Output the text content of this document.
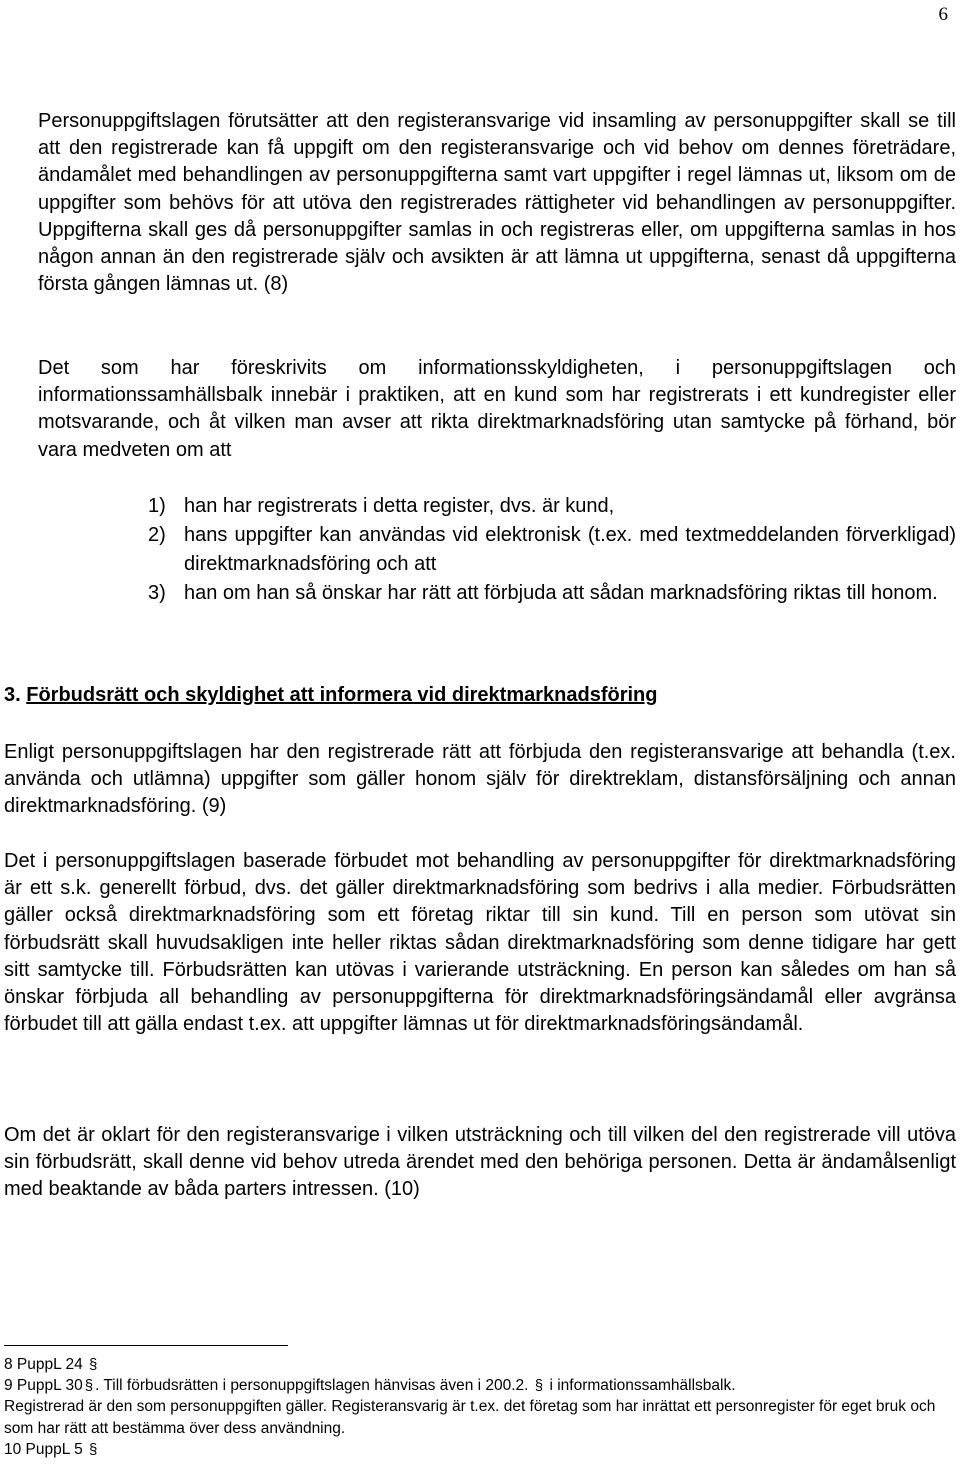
6

Personuppgiftslagen förutsätter att den registeransvarige vid insamling av personuppgifter skall se till att den registrerade kan få uppgift om den registeransvarige och vid behov om dennes företrädare, ändamålet med behandlingen av personuppgifterna samt vart uppgifter i regel lämnas ut, liksom om de uppgifter som behövs för att utöva den registrerades rättigheter vid behandlingen av personuppgifter. Uppgifterna skall ges då personuppgifter samlas in och registreras eller, om uppgifterna samlas in hos någon annan än den registrerade själv och avsikten är att lämna ut uppgifterna, senast då uppgifterna första gången lämnas ut. (8)

Det som har föreskrivits om informationsskyldigheten, i personuppgiftslagen och informationssamhällsbalk innebär i praktiken, att en kund som har registrerats i ett kundregister eller motsvarande, och åt vilken man avser att rikta direktmarknadsföring utan samtycke på förhand, bör vara medveten om att

1) han har registrerats i detta register, dvs. är kund,
2) hans uppgifter kan användas vid elektronisk (t.ex. med textmeddelanden förverkligad) direktmarknadsföring och att
3) han om han så önskar har rätt att förbjuda att sådan marknadsföring riktas till honom.
3. Förbudsrätt och skyldighet att informera vid direktmarknadsföring

Enligt personuppgiftslagen har den registrerade rätt att förbjuda den registeransvarige att behandla (t.ex. använda och utlämna) uppgifter som gäller honom själv för direktreklam, distansförsäljning och annan direktmarknadsföring. (9)

Det i personuppgiftslagen baserade förbudet mot behandling av personuppgifter för direktmarknadsföring är ett s.k. generellt förbud, dvs. det gäller direktmarknadsföring som bedrivs i alla medier. Förbudsrätten gäller också direktmarknadsföring som ett företag riktar till sin kund. Till en person som utövat sin förbudsrätt skall huvudsakligen inte heller riktas sådan direktmarknadsföring som denne tidigare har gett sitt samtycke till. Förbudsrätten kan utövas i varierande utsträckning. En person kan således om han så önskar förbjuda all behandling av personuppgifterna för direktmarknadsföringsändamål eller avgränsa förbudet till att gälla endast t.ex. att uppgifter lämnas ut för direktmarknadsföringsändamål.

Om det är oklart för den registeransvarige i vilken utsträckning och till vilken del den registrerade vill utöva sin förbudsrätt, skall denne vid behov utreda ärendet med den behöriga personen. Detta är ändamålsenligt med beaktande av båda parters intressen. (10)

8 PuppL 24 §
9 PuppL 30 § . Till förbudsrätten i personuppgiftslagen hänvisas även i 200.2. § i informationssamhällsbalk.
Registrerad är den som personuppgiften gäller. Registeransvarig är t.ex. det företag som har inrättat ett personregister för eget bruk och som har rätt att bestämma över dess användning.
10 PuppL 5 §
